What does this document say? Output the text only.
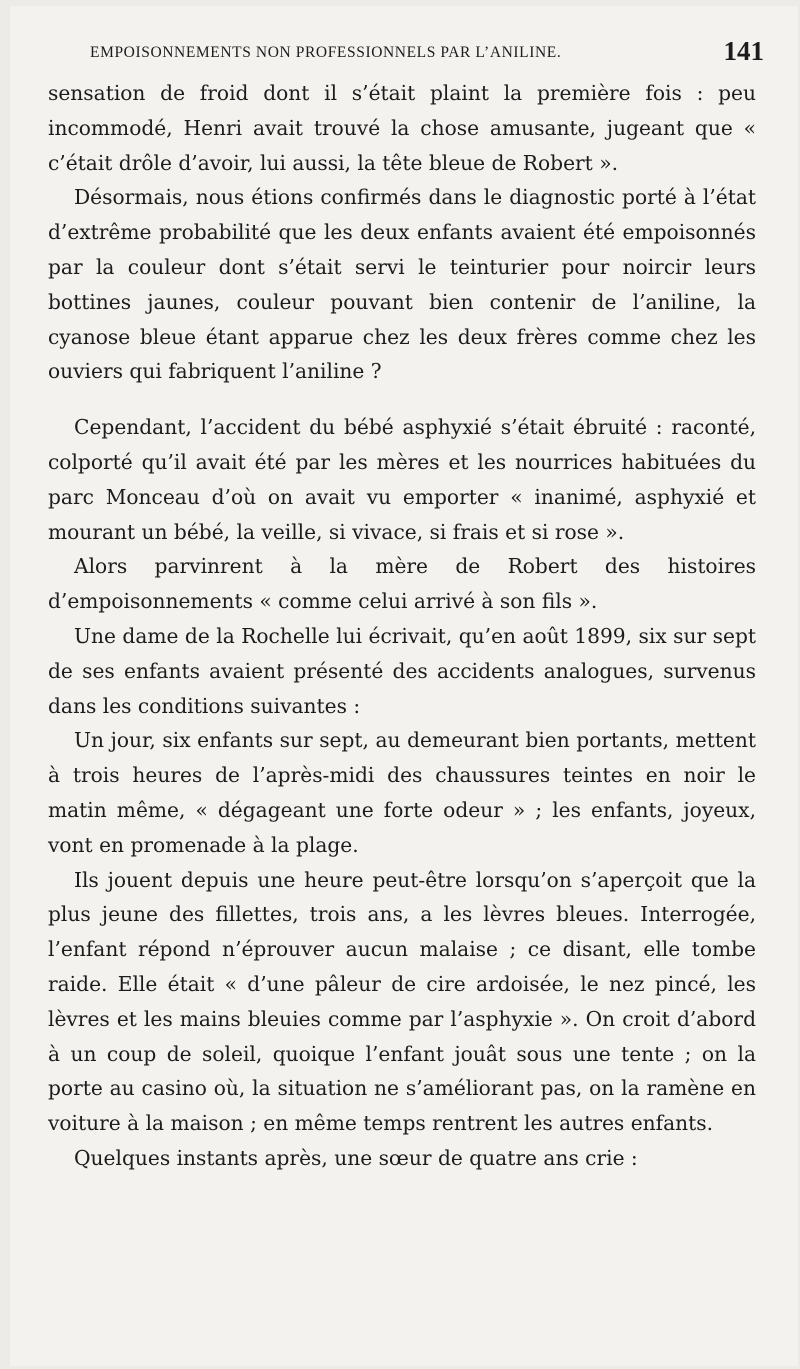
EMPOISONNEMENTS NON PROFESSIONNELS PAR L’ANILINE.	141

sensation de froid dont il s’était plaint la première fois : peu incommodé, Henri avait trouvé la chose amusante, jugeant que « c’était drôle d’avoir, lui aussi, la tête bleue de Robert ».

Désormais, nous étions confirmés dans le diagnostic porté à l’état d’extrême probabilité que les deux enfants avaient été empoisonnés par la couleur dont s’était servi le teinturier pour noircir leurs bottines jaunes, couleur pouvant bien contenir de l’aniline, la cyanose bleue étant apparue chez les deux frères comme chez les ouviers qui fabriquent l’aniline ?

Cependant, l’accident du bébé asphyxié s’était ébruité : raconté, colporté qu’il avait été par les mères et les nourrices habituées du parc Monceau d’où on avait vu emporter « inanimé, asphyxié et mourant un bébé, la veille, si vivace, si frais et si rose ».

Alors parvinrent à la mère de Robert des histoires d’empoisonnements « comme celui arrivé à son fils ».

Une dame de la Rochelle lui écrivait, qu’en août 1899, six sur sept de ses enfants avaient présenté des accidents analogues, survenus dans les conditions suivantes :

Un jour, six enfants sur sept, au demeurant bien portants, mettent à trois heures de l’après-midi des chaussures teintes en noir le matin même, « dégageant une forte odeur » ; les enfants, joyeux, vont en promenade à la plage.

Ils jouent depuis une heure peut-être lorsqu’on s’aperçoit que la plus jeune des fillettes, trois ans, a les lèvres bleues. Interrogée, l’enfant répond n’éprouver aucun malaise ; ce disant, elle tombe raide. Elle était « d’une pâleur de cire ardoisée, le nez pincé, les lèvres et les mains bleuies comme par l’asphyxie ». On croit d’abord à un coup de soleil, quoique l’enfant jouât sous une tente ; on la porte au casino où, la situation ne s’améliorant pas, on la ramène en voiture à la maison ; en même temps rentrent les autres enfants.

Quelques instants après, une sœur de quatre ans crie :
